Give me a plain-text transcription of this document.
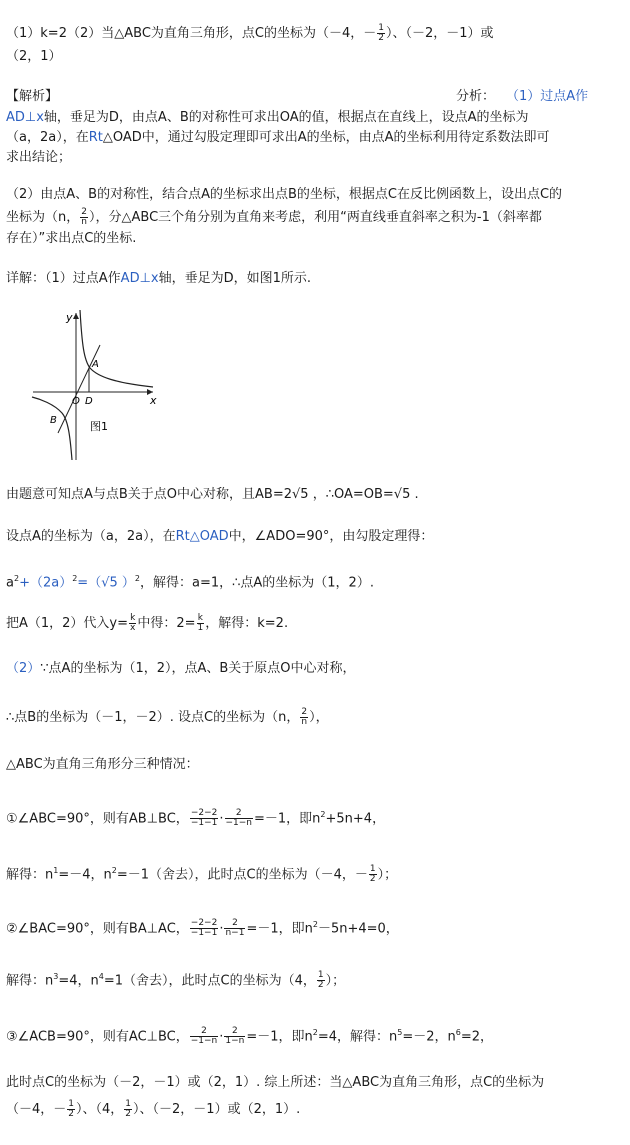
（1）k=2（2）当△ABC为直角三角形，点C的坐标为（－4，－ $\frac{1}{2}$ ）、（－2，－1）或
（2，1）
【解析】	分析： （1）过点A作
AD⊥x轴，垂足为D，由点A、B的对称性可求出OA的值，根据点在直线上，设点A的坐标为
（a，2a），在Rt△OAD中，通过勾股定理即可求出A的坐标，由点A的坐标利用待定系数法即可
求出结论；
（2）由点A、B的对称性，结合点A的坐标求出点B的坐标，根据点C在反比例函数上，设出点C的
坐标为（n， $\frac{2}{n}$ ），分△ABC三个角分别为直角来考虑，利用“两直线垂直斜率之积为-1（斜率都
存在）”求出点C的坐标.
详解：（1）过点A作AD⊥x轴，垂足为D，如图1所示.
y
x
A
B
O D
图1
由题意可知点A与点B关于点O中心对称，且AB=2√5 ，∴OA=OB=√5 .
设点A的坐标为（a，2a），在Rt△OAD中，∠ADO=90°，由勾股定理得：
$a^2+(2a)^2=(√5$ ）$^2$，解得：a=1，∴点A的坐标为（1，2）.
把A（1，2）代入$y= \frac{k}{x}$ 中得：$2= \frac{k}{1}$ ，解得：k=2.
（2）∵点A的坐标为（1，2），点A、B关于原点O中心对称，
∴点B的坐标为（－1，－2）. 设点C的坐标为（n， $\frac{2}{n}$ ），
△ABC为直角三角形分三种情况：
①∠ABC=90°，则有AB⊥BC， $\frac{-2-2}{-1-1} \cdot \frac{2}{-1-n} =-1$，即$n^2+5n+4$，
解得：$n^1=-4$，$n^2=-1$（舍去），此时点C的坐标为（－4，－ $\frac{1}{2}$ ）；
②∠BAC=90°，则有BA⊥AC， $\frac{-2-2}{-1-1} \cdot \frac{2}{n-1} =-1$，即$n^2-5n+4=0$，
解得：$n^3=4$，$n^4=1$（舍去），此时点C的坐标为（4， $\frac{1}{2}$ ）；
③∠ACB=90°，则有AC⊥BC， $\frac{2}{-1-n} \cdot \frac{2}{1-n} =-1$，即$n^2=4$，解得：$n^5=-2$，$n^6=2$，
此时点C的坐标为（－2，－1）或（2，1）. 综上所述：当△ABC为直角三角形，点C的坐标为
（－4，－ $\frac{1}{2}$ ）、（4， $\frac{1}{2}$ ）、（－2，－1）或（2，1）.
